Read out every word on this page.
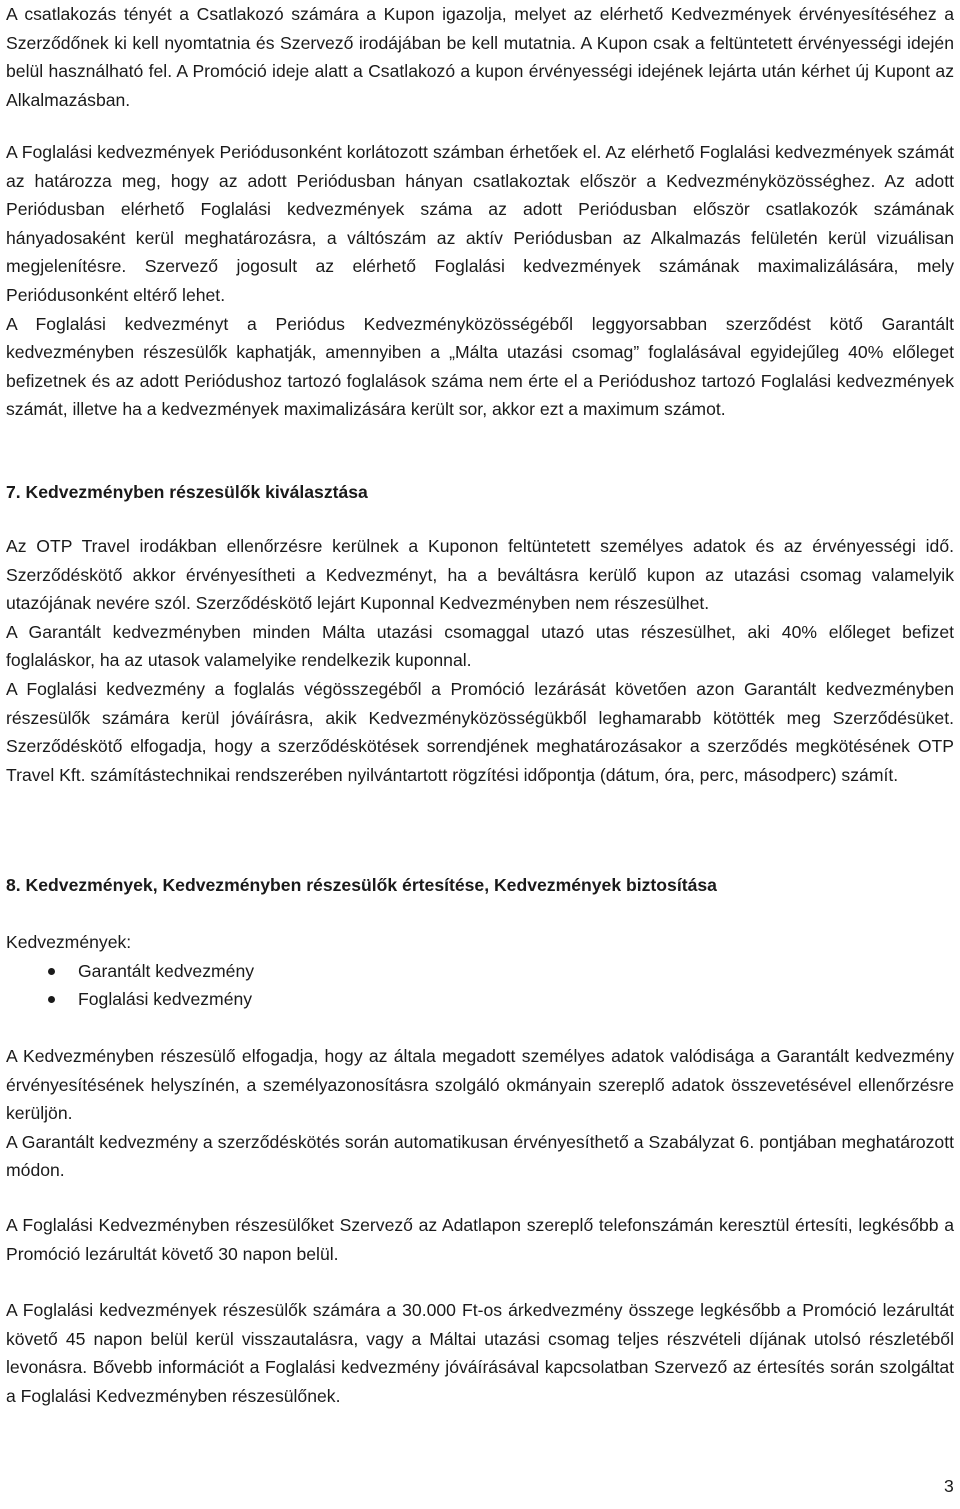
A csatlakozás tényét a Csatlakozó számára a Kupon igazolja, melyet az elérhető Kedvezmények érvényesítéséhez a Szerződőnek ki kell nyomtatnia és Szervező irodájában be kell mutatnia. A Kupon csak a feltüntetett érvényességi idején belül használható fel. A Promóció ideje alatt a Csatlakozó a kupon érvényességi idejének lejárta után kérhet új Kupont az Alkalmazásban.

A Foglalási kedvezmények Periódusonként korlátozott számban érhetőek el. Az elérhető Foglalási kedvezmények számát az határozza meg, hogy az adott Periódusban hányan csatlakoztak először a Kedvezményközösséghez. Az adott Periódusban elérhető Foglalási kedvezmények száma az adott Periódusban először csatlakozók számának hányadosaként kerül meghatározásra, a váltószám az aktív Periódusban az Alkalmazás felületén kerül vizuálisan megjelenítésre. Szervező jogosult az elérhető Foglalási kedvezmények számának maximalizálására, mely Periódusonként eltérő lehet.

A Foglalási kedvezményt a Periódus Kedvezményközösségéből leggyorsabban szerződést kötő Garantált kedvezményben részesülők kaphatják, amennyiben a „Málta utazási csomag” foglalásával egyidejűleg 40% előleget befizetnek és az adott Periódushoz tartozó foglalások száma nem érte el a Periódushoz tartozó Foglalási kedvezmények számát, illetve ha a kedvezmények maximalizására került sor, akkor ezt a maximum számot.

7. Kedvezményben részesülők kiválasztása

Az OTP Travel irodákban ellenőrzésre kerülnek a Kuponon feltüntetett személyes adatok és az érvényességi idő. Szerződéskötő akkor érvényesítheti a Kedvezményt, ha a beváltásra kerülő kupon az utazási csomag valamelyik utazójának nevére szól. Szerződéskötő lejárt Kuponnal Kedvezményben nem részesülhet.

A Garantált kedvezményben minden Málta utazási csomaggal utazó utas részesülhet, aki 40% előleget befizet foglaláskor, ha az utasok valamelyike rendelkezik kuponnal.

A Foglalási kedvezmény a foglalás végösszegéből a Promóció lezárását követően azon Garantált kedvezményben részesülők számára kerül jóváírásra, akik Kedvezményközösségükből leghamarabb kötötték meg Szerződésüket. Szerződéskötő elfogadja, hogy a szerződéskötések sorrendjének meghatározásakor a szerződés megkötésének OTP Travel Kft. számítástechnikai rendszerében nyilvántartott rögzítési időpontja (dátum, óra, perc, másodperc) számít.

8. Kedvezmények, Kedvezményben részesülők értesítése, Kedvezmények biztosítása
Kedvezmények:
Garantált kedvezmény
Foglalási kedvezmény

A Kedvezményben részesülő elfogadja, hogy az általa megadott személyes adatok valódisága a Garantált kedvezmény érvényesítésének helyszínén, a személyazonosításra szolgáló okmányain szereplő adatok összevetésével ellenőrzésre kerüljön.

A Garantált kedvezmény a szerződéskötés során automatikusan érvényesíthető a Szabályzat 6. pontjában meghatározott módon.

A Foglalási Kedvezményben részesülőket Szervező az Adatlapon szereplő telefonszámán keresztül értesíti, legkésőbb a Promóció lezárultát követő 30 napon belül.

A Foglalási kedvezmények részesülők számára a 30.000 Ft-os árkedvezmény összege legkésőbb a Promóció lezárultát követő 45 napon belül kerül visszautalásra, vagy a Máltai utazási csomag teljes részvételi díjának utolsó részletéből levonásra. Bővebb információt a Foglalási kedvezmény jóváírásával kapcsolatban Szervező az értesítés során szolgáltat a Foglalási Kedvezményben részesülőnek.

3
